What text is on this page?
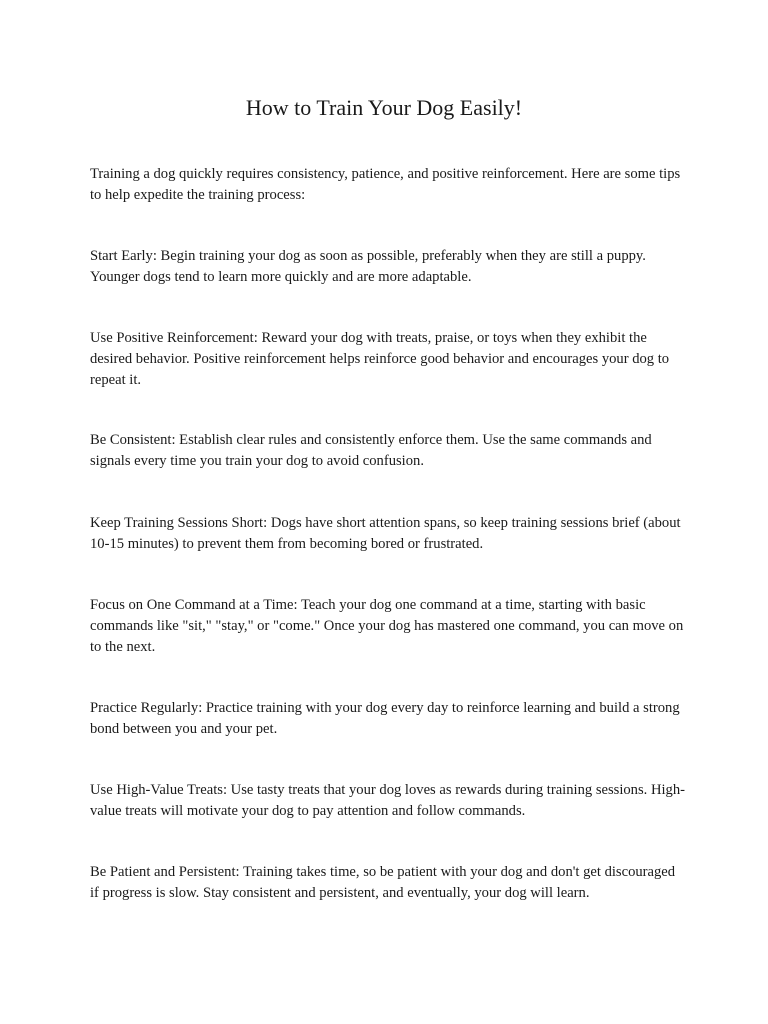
How to Train Your Dog Easily!

Training a dog quickly requires consistency, patience, and positive reinforcement. Here are some tips to help expedite the training process:

Start Early: Begin training your dog as soon as possible, preferably when they are still a puppy. Younger dogs tend to learn more quickly and are more adaptable.

Use Positive Reinforcement: Reward your dog with treats, praise, or toys when they exhibit the desired behavior. Positive reinforcement helps reinforce good behavior and encourages your dog to repeat it.

Be Consistent: Establish clear rules and consistently enforce them. Use the same commands and signals every time you train your dog to avoid confusion.

Keep Training Sessions Short: Dogs have short attention spans, so keep training sessions brief (about 10-15 minutes) to prevent them from becoming bored or frustrated.

Focus on One Command at a Time: Teach your dog one command at a time, starting with basic commands like "sit," "stay," or "come." Once your dog has mastered one command, you can move on to the next.

Practice Regularly: Practice training with your dog every day to reinforce learning and build a strong bond between you and your pet.

Use High-Value Treats: Use tasty treats that your dog loves as rewards during training sessions. High-value treats will motivate your dog to pay attention and follow commands.

Be Patient and Persistent: Training takes time, so be patient with your dog and don't get discouraged if progress is slow. Stay consistent and persistent, and eventually, your dog will learn.
